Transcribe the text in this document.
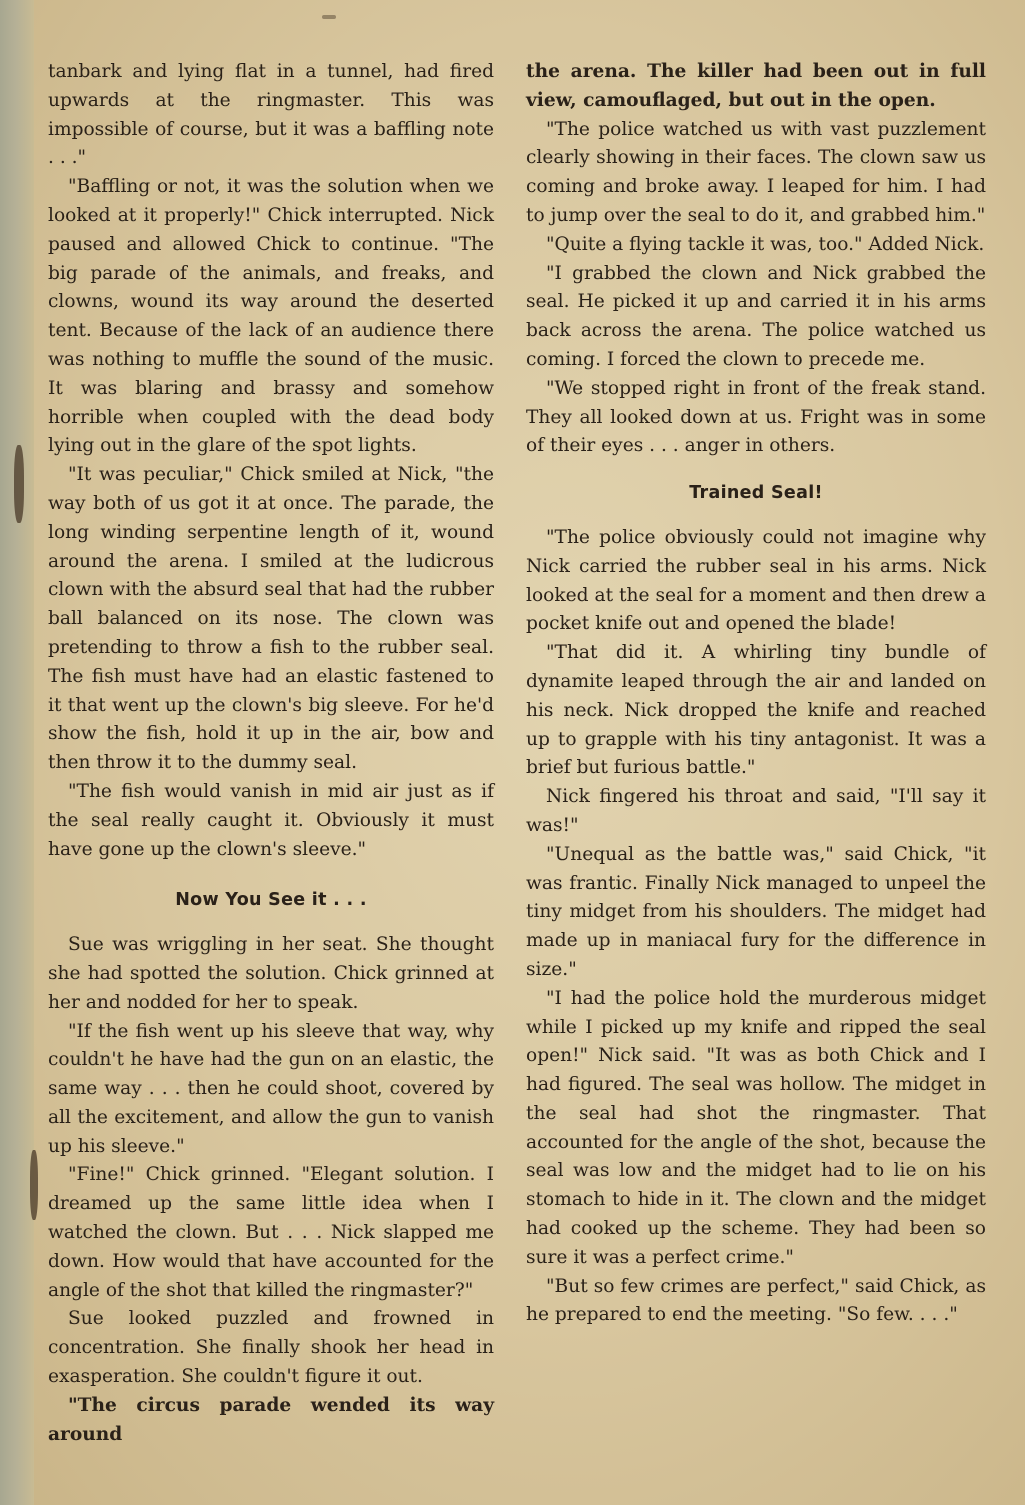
tanbark and lying flat in a tunnel, had fired upwards at the ringmaster. This was impossible of course, but it was a baffling note . . ."

"Baffling or not, it was the solution when we looked at it properly!" Chick interrupted. Nick paused and allowed Chick to continue. "The big parade of the animals, and freaks, and clowns, wound its way around the deserted tent. Because of the lack of an audience there was nothing to muffle the sound of the music. It was blaring and brassy and somehow horrible when coupled with the dead body lying out in the glare of the spot lights.

"It was peculiar," Chick smiled at Nick, "the way both of us got it at once. The parade, the long winding serpentine length of it, wound around the arena. I smiled at the ludicrous clown with the absurd seal that had the rubber ball balanced on its nose. The clown was pretending to throw a fish to the rubber seal. The fish must have had an elastic fastened to it that went up the clown's big sleeve. For he'd show the fish, hold it up in the air, bow and then throw it to the dummy seal.

"The fish would vanish in mid air just as if the seal really caught it. Obviously it must have gone up the clown's sleeve."

Now You See it . . .

Sue was wriggling in her seat. She thought she had spotted the solution. Chick grinned at her and nodded for her to speak.

"If the fish went up his sleeve that way, why couldn't he have had the gun on an elastic, the same way . . . then he could shoot, covered by all the excitement, and allow the gun to vanish up his sleeve."

"Fine!" Chick grinned. "Elegant solution. I dreamed up the same little idea when I watched the clown. But . . . Nick slapped me down. How would that have accounted for the angle of the shot that killed the ringmaster?"

Sue looked puzzled and frowned in concentration. She finally shook her head in exasperation. She couldn't figure it out.

"The circus parade wended its way around

the arena. The killer had been out in full view, camouflaged, but out in the open.

"The police watched us with vast puzzlement clearly showing in their faces. The clown saw us coming and broke away. I leaped for him. I had to jump over the seal to do it, and grabbed him."

"Quite a flying tackle it was, too." Added Nick.

"I grabbed the clown and Nick grabbed the seal. He picked it up and carried it in his arms back across the arena. The police watched us coming. I forced the clown to precede me.

"We stopped right in front of the freak stand. They all looked down at us. Fright was in some of their eyes . . . anger in others.

Trained Seal!

"The police obviously could not imagine why Nick carried the rubber seal in his arms. Nick looked at the seal for a moment and then drew a pocket knife out and opened the blade!

"That did it. A whirling tiny bundle of dynamite leaped through the air and landed on his neck. Nick dropped the knife and reached up to grapple with his tiny antagonist. It was a brief but furious battle."

Nick fingered his throat and said, "I'll say it was!"

"Unequal as the battle was," said Chick, "it was frantic. Finally Nick managed to unpeel the tiny midget from his shoulders. The midget had made up in maniacal fury for the difference in size."

"I had the police hold the murderous midget while I picked up my knife and ripped the seal open!" Nick said. "It was as both Chick and I had figured. The seal was hollow. The midget in the seal had shot the ringmaster. That accounted for the angle of the shot, because the seal was low and the midget had to lie on his stomach to hide in it. The clown and the midget had cooked up the scheme. They had been so sure it was a perfect crime."

"But so few crimes are perfect," said Chick, as he prepared to end the meeting. "So few. . . ."
